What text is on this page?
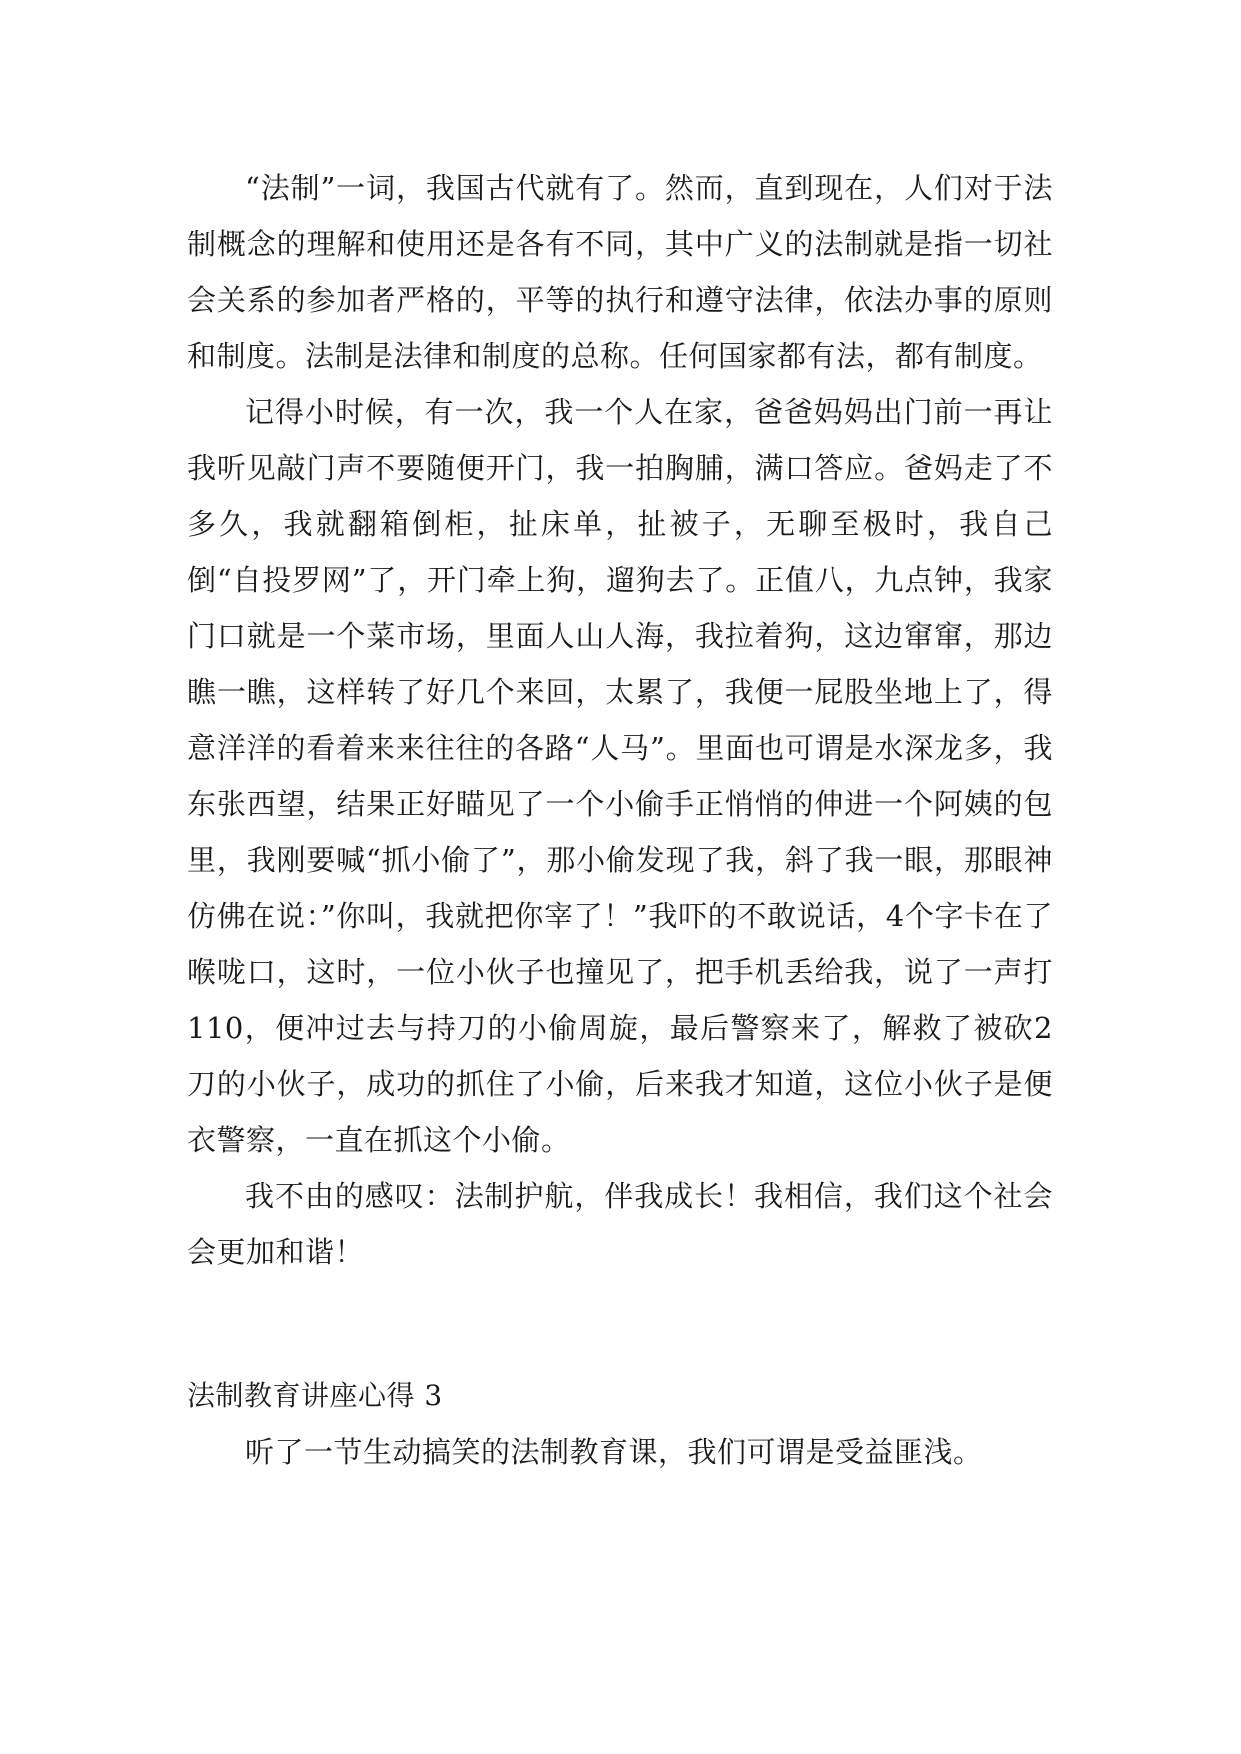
“法制”一词，我国古代就有了。然而，直到现在，人们对于法制概念的理解和使用还是各有不同，其中广义的法制就是指一切社会关系的参加者严格的，平等的执行和遵守法律，依法办事的原则和制度。法制是法律和制度的总称。任何国家都有法，都有制度。

记得小时候，有一次，我一个人在家，爸爸妈妈出门前一再让我听见敲门声不要随便开门，我一拍胸脯，满口答应。爸妈走了不多久，我就翻箱倒柜，扯床单，扯被子，无聊至极时，我自己倒“自投罗网”了，开门牵上狗，遛狗去了。正值八，九点钟，我家门口就是一个菜市场，里面人山人海，我拉着狗，这边窜窜，那边瞧一瞧，这样转了好几个来回，太累了，我便一屁股坐地上了，得意洋洋的看着来来往往的各路“人马”。里面也可谓是水深龙多，我东张西望，结果正好瞄见了一个小偷手正悄悄的伸进一个阿姨的包里，我刚要喊“抓小偷了”，那小偷发现了我，斜了我一眼，那眼神仿佛在说：”你叫，我就把你宰了！”我吓的不敢说话，4个字卡在了喉咙口，这时，一位小伙子也撞见了，把手机丢给我，说了一声打110，便冲过去与持刀的小偷周旋，最后警察来了，解救了被砍2刀的小伙子，成功的抓住了小偷，后来我才知道，这位小伙子是便衣警察，一直在抓这个小偷。

我不由的感叹：法制护航，伴我成长！我相信，我们这个社会会更加和谐！

法制教育讲座心得 3

听了一节生动搞笑的法制教育课，我们可谓是受益匪浅。
